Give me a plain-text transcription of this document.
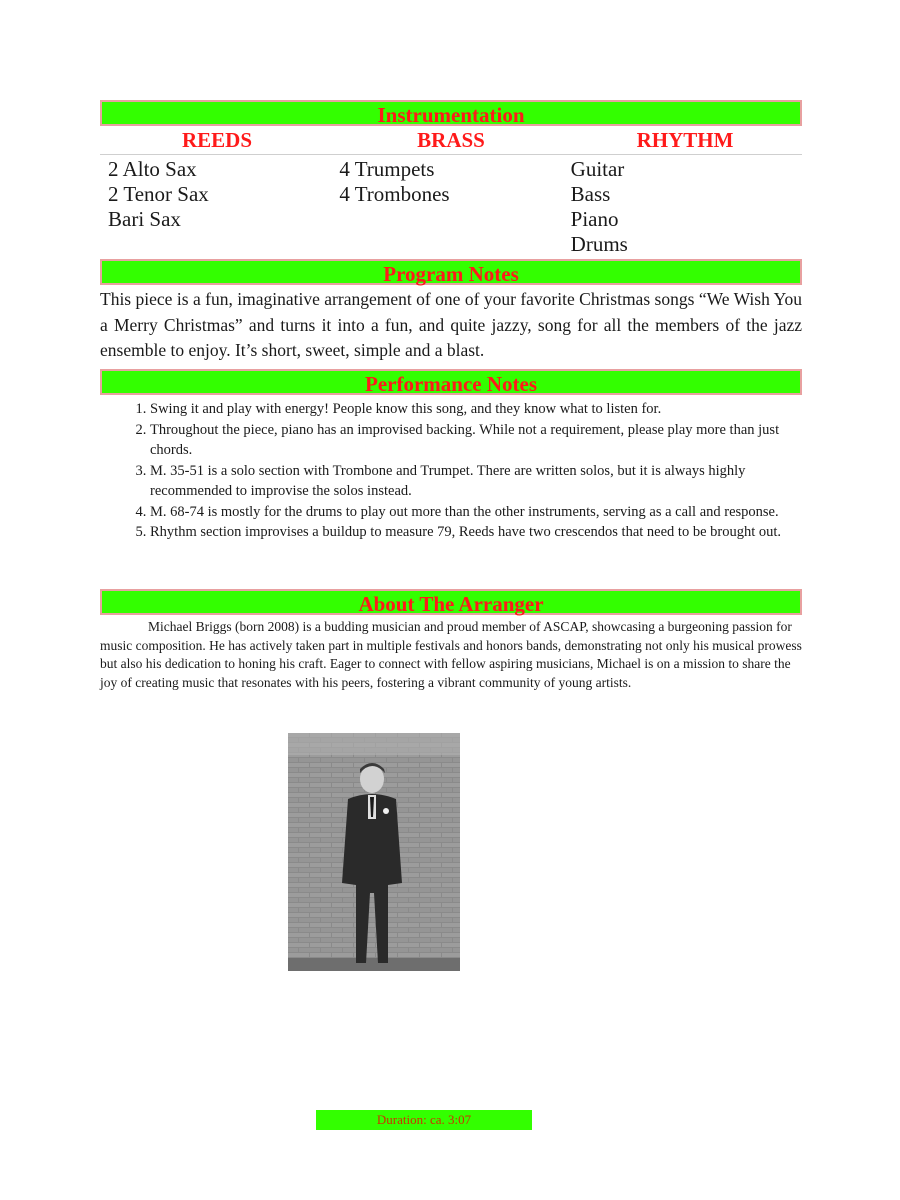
Instrumentation
REEDS	BRASS	RHYTHM
2 Alto Sax
2 Tenor Sax
Bari Sax
4 Trumpets
4 Trombones
Guitar
Bass
Piano
Drums
Program Notes

This piece is a fun, imaginative arrangement of one of your favorite Christmas songs “We Wish You a Merry Christmas” and turns it into a fun, and quite jazzy, song for all the members of the jazz ensemble to enjoy. It’s short, sweet, simple and a blast.

Performance Notes
1. Swing it and play with energy! People know this song, and they know what to listen for.
2. Throughout the piece, piano has an improvised backing. While not a requirement, please play more than just chords.
3. M. 35-51 is a solo section with Trombone and Trumpet. There are written solos, but it is always highly recommended to improvise the solos instead.
4. M. 68-74 is mostly for the drums to play out more than the other instruments, serving as a call and response.
5. Rhythm section improvises a buildup to measure 79, Reeds have two crescendos that need to be brought out.
About The Arranger

Michael Briggs (born 2008) is a budding musician and proud member of ASCAP, showcasing a burgeoning passion for music composition. He has actively taken part in multiple festivals and honors bands, demonstrating not only his musical prowess but also his dedication to honing his craft. Eager to connect with fellow aspiring musicians, Michael is on a mission to share the joy of creating music that resonates with his peers, fostering a vibrant community of young artists.

Duration: ca. 3:07
